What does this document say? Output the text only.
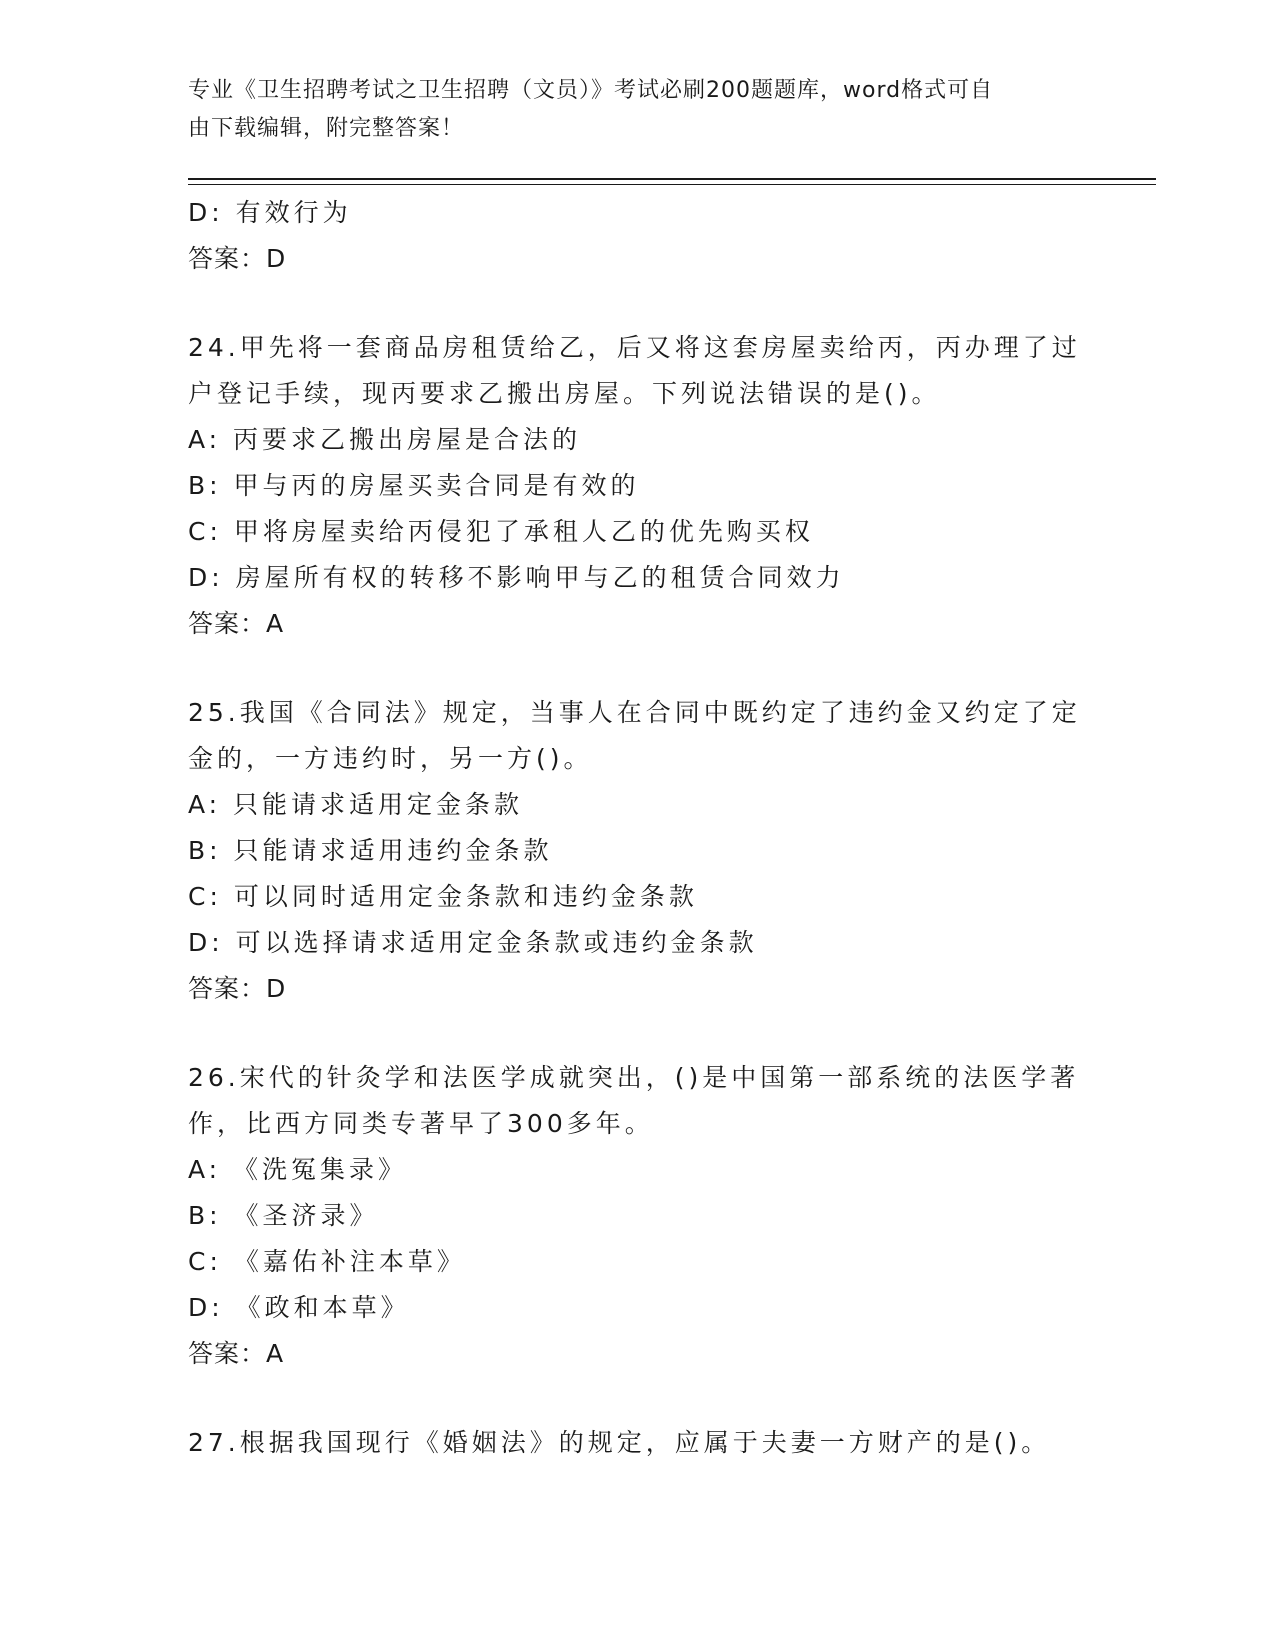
专业《卫生招聘考试之卫生招聘（文员）》考试必刷200题题库，word格式可自
由下载编辑，附完整答案！
D: 有效行为
答案：D
24.甲先将一套商品房租赁给乙，后又将这套房屋卖给丙，丙办理了过
户登记手续，现丙要求乙搬出房屋。下列说法错误的是()。
A: 丙要求乙搬出房屋是合法的
B: 甲与丙的房屋买卖合同是有效的
C: 甲将房屋卖给丙侵犯了承租人乙的优先购买权
D: 房屋所有权的转移不影响甲与乙的租赁合同效力
答案：A
25.我国《合同法》规定，当事人在合同中既约定了违约金又约定了定
金的，一方违约时，另一方()。
A: 只能请求适用定金条款
B: 只能请求适用违约金条款
C: 可以同时适用定金条款和违约金条款
D: 可以选择请求适用定金条款或违约金条款
答案：D
26.宋代的针灸学和法医学成就突出，()是中国第一部系统的法医学著
作，比西方同类专著早了300多年。
A: 《洗冤集录》
B: 《圣济录》
C: 《嘉佑补注本草》
D: 《政和本草》
答案：A
27.根据我国现行《婚姻法》的规定，应属于夫妻一方财产的是()。
